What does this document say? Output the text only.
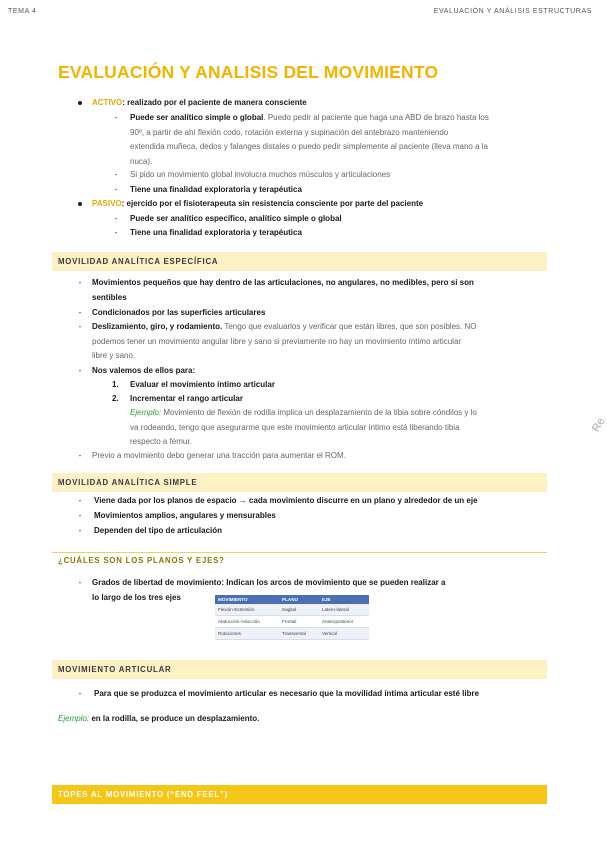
TEMA 4	EVALUACIÓN Y ANÁLISIS ESTRUCTURAS
EVALUACIÓN Y ANALISIS DEL MOVIMIENTO
ACTIVO: realizado por el paciente de manera consciente
-	Puede ser analítico simple o global. Puedo pedir al paciente que haga una ABD de brazo hasta los
90º, a partir de ahí flexión codo, rotación externa y supinación del antebrazo manteniendo
extendida muñeca, dedos y falanges distales o puedo pedir simplemente al paciente (lleva mano a la
nuca).
-	Si pido un movimiento global involucra muchos músculos y articulaciones
-	Tiene una finalidad exploratoria y terapéutica
PASIVO: ejercido por el fisioterapeuta sin resistencia consciente por parte del paciente
-	Puede ser analítico específico, analítico simple o global
-	Tiene una finalidad exploratoria y terapéutica
MOVILIDAD ANALÍTICA ESPECÍFICA
-	Movimientos pequeños que hay dentro de las articulaciones, no angulares, no medibles, pero si son
sentibles
-	Condicionados por las superficies articulares
-	Deslizamiento, giro, y rodamiento. Tengo que evaluarlos y verificar que están libres, que son posibles. NO
podemos tener un movimiento angular libre y sano si previamente no hay un movimiento íntimo articular
libre y sano.
-	Nos valemos de ellos para:
1.	Evaluar el movimiento íntimo articular
2.	Incrementar el rango articular
Ejemplo: Movimiento de flexión de rodilla implica un desplazamiento de la tibia sobre cóndilos y lo
va rodeando, tengo que asegurarme que este movimiento articular íntimo está liberando tibia
respecto a fémur.
-	Previo a movimiento debo generar una tracción para aumentar el ROM.
MOVILIDAD ANALÍTICA SIMPLE
-	Viene dada por los planos de espacio → cada movimiento discurre en un plano y alrededor de un eje
-	Movimientos amplios, angulares y mensurables
-	Dependen del tipo de articulación
¿CUÁLES SON LOS PLANOS Y EJES?
-	Grados de libertad de movimiento: Indican los arcos de movimiento que se pueden realizar a
lo largo de los tres ejes	MOVIMIENTO	PLANO	EJE
Flexión-Extensión	Sagital	Latero-lateral
Abducción-Aducción	Frontal	Anteroposterior
Rotaciones	Transversal	Vertical
MOVIMIENTO ARTICULAR
-	Para que se produzca el movimiento articular es necesario que la movilidad íntima articular esté libre
Ejemplo: en la rodilla, se produce un desplazamiento.
TOPES AL MOVIMIENTO (“END FEEL”)
Re
